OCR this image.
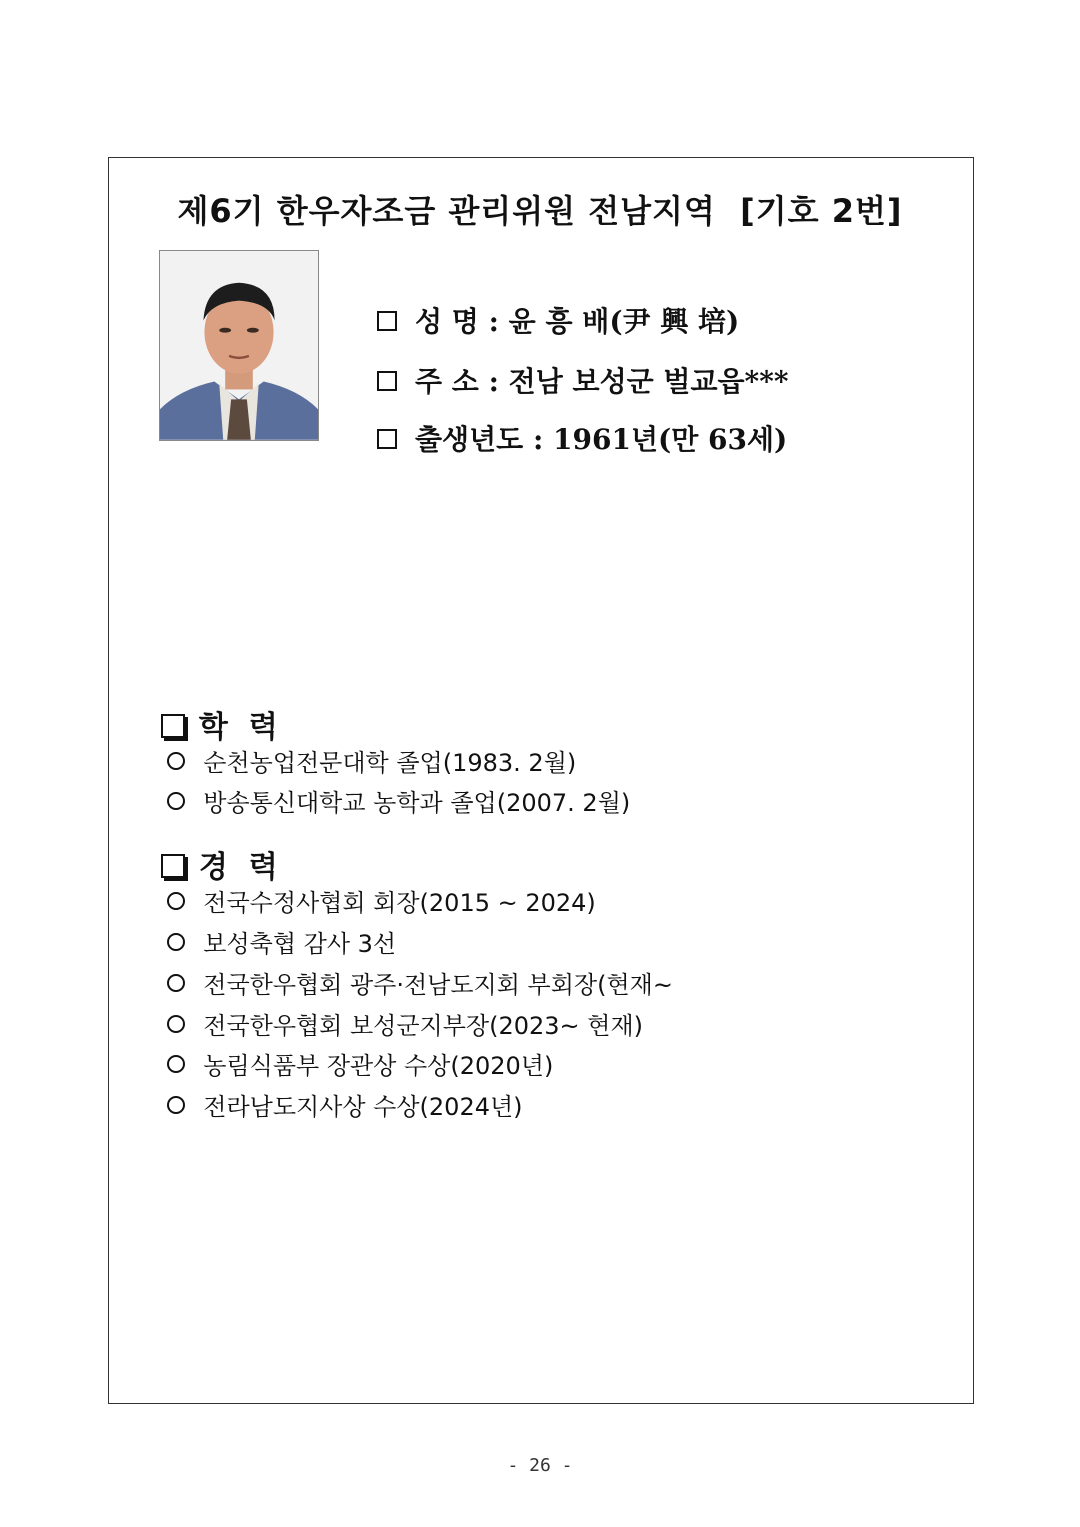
제6기 한우자조금 관리위원 전남지역  [기호 2번]

성 명 : 윤 흥 배(尹 興 培)

주 소 : 전남 보성군 벌교읍***

출생년도 : 1961년(만 63세)

학  력

순천농업전문대학 졸업(1983. 2월)

방송통신대학교 농학과 졸업(2007. 2월)

경  력

전국수정사협회 회장(2015 ~ 2024)

보성축협 감사 3선

전국한우협회 광주·전남도지회 부회장(현재~

전국한우협회 보성군지부장(2023~ 현재)

농림식품부 장관상 수상(2020년)

전라남도지사상 수상(2024년)

- 26 -
